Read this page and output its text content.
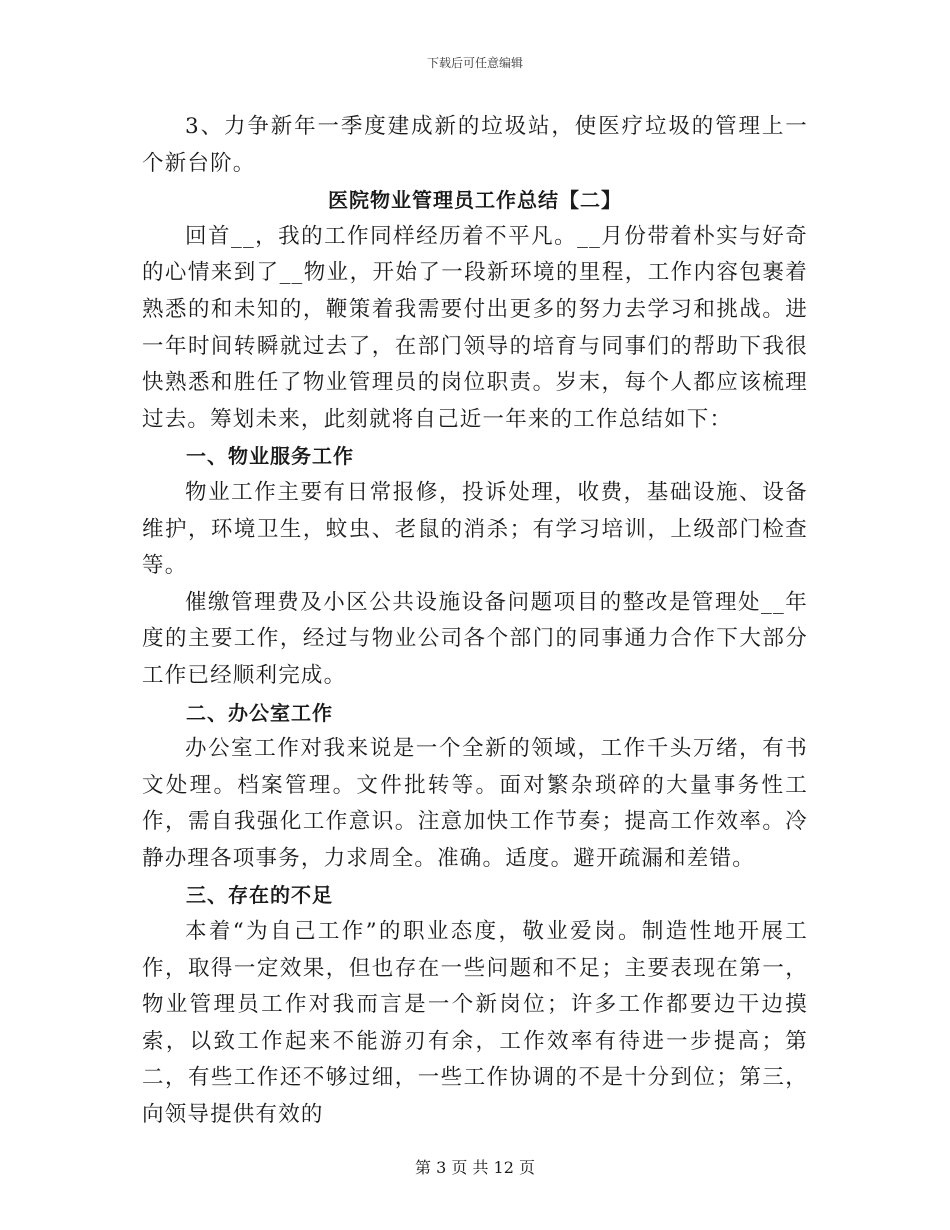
下载后可任意编辑

3、力争新年一季度建成新的垃圾站，使医疗垃圾的管理上一个新台阶。

医院物业管理员工作总结【二】

回首__，我的工作同样经历着不平凡。__月份带着朴实与好奇的心情来到了__物业，开始了一段新环境的里程，工作内容包裹着熟悉的和未知的，鞭策着我需要付出更多的努力去学习和挑战。进一年时间转瞬就过去了，在部门领导的培育与同事们的帮助下我很快熟悉和胜任了物业管理员的岗位职责。岁末，每个人都应该梳理过去。筹划未来，此刻就将自己近一年来的工作总结如下：

一、物业服务工作

物业工作主要有日常报修，投诉处理，收费，基础设施、设备维护，环境卫生，蚊虫、老鼠的消杀；有学习培训，上级部门检查等。

催缴管理费及小区公共设施设备问题项目的整改是管理处__年度的主要工作，经过与物业公司各个部门的同事通力合作下大部分工作已经顺利完成。

二、办公室工作

办公室工作对我来说是一个全新的领域，工作千头万绪，有书文处理。档案管理。文件批转等。面对繁杂琐碎的大量事务性工作，需自我强化工作意识。注意加快工作节奏；提高工作效率。冷静办理各项事务，力求周全。准确。适度。避开疏漏和差错。

三、存在的不足

本着“为自己工作”的职业态度，敬业爱岗。制造性地开展工作，取得一定效果，但也存在一些问题和不足；主要表现在第一，物业管理员工作对我而言是一个新岗位；许多工作都要边干边摸索，以致工作起来不能游刃有余，工作效率有待进一步提高；第二，有些工作还不够过细，一些工作协调的不是十分到位；第三，向领导提供有效的

第 3 页 共 12 页
